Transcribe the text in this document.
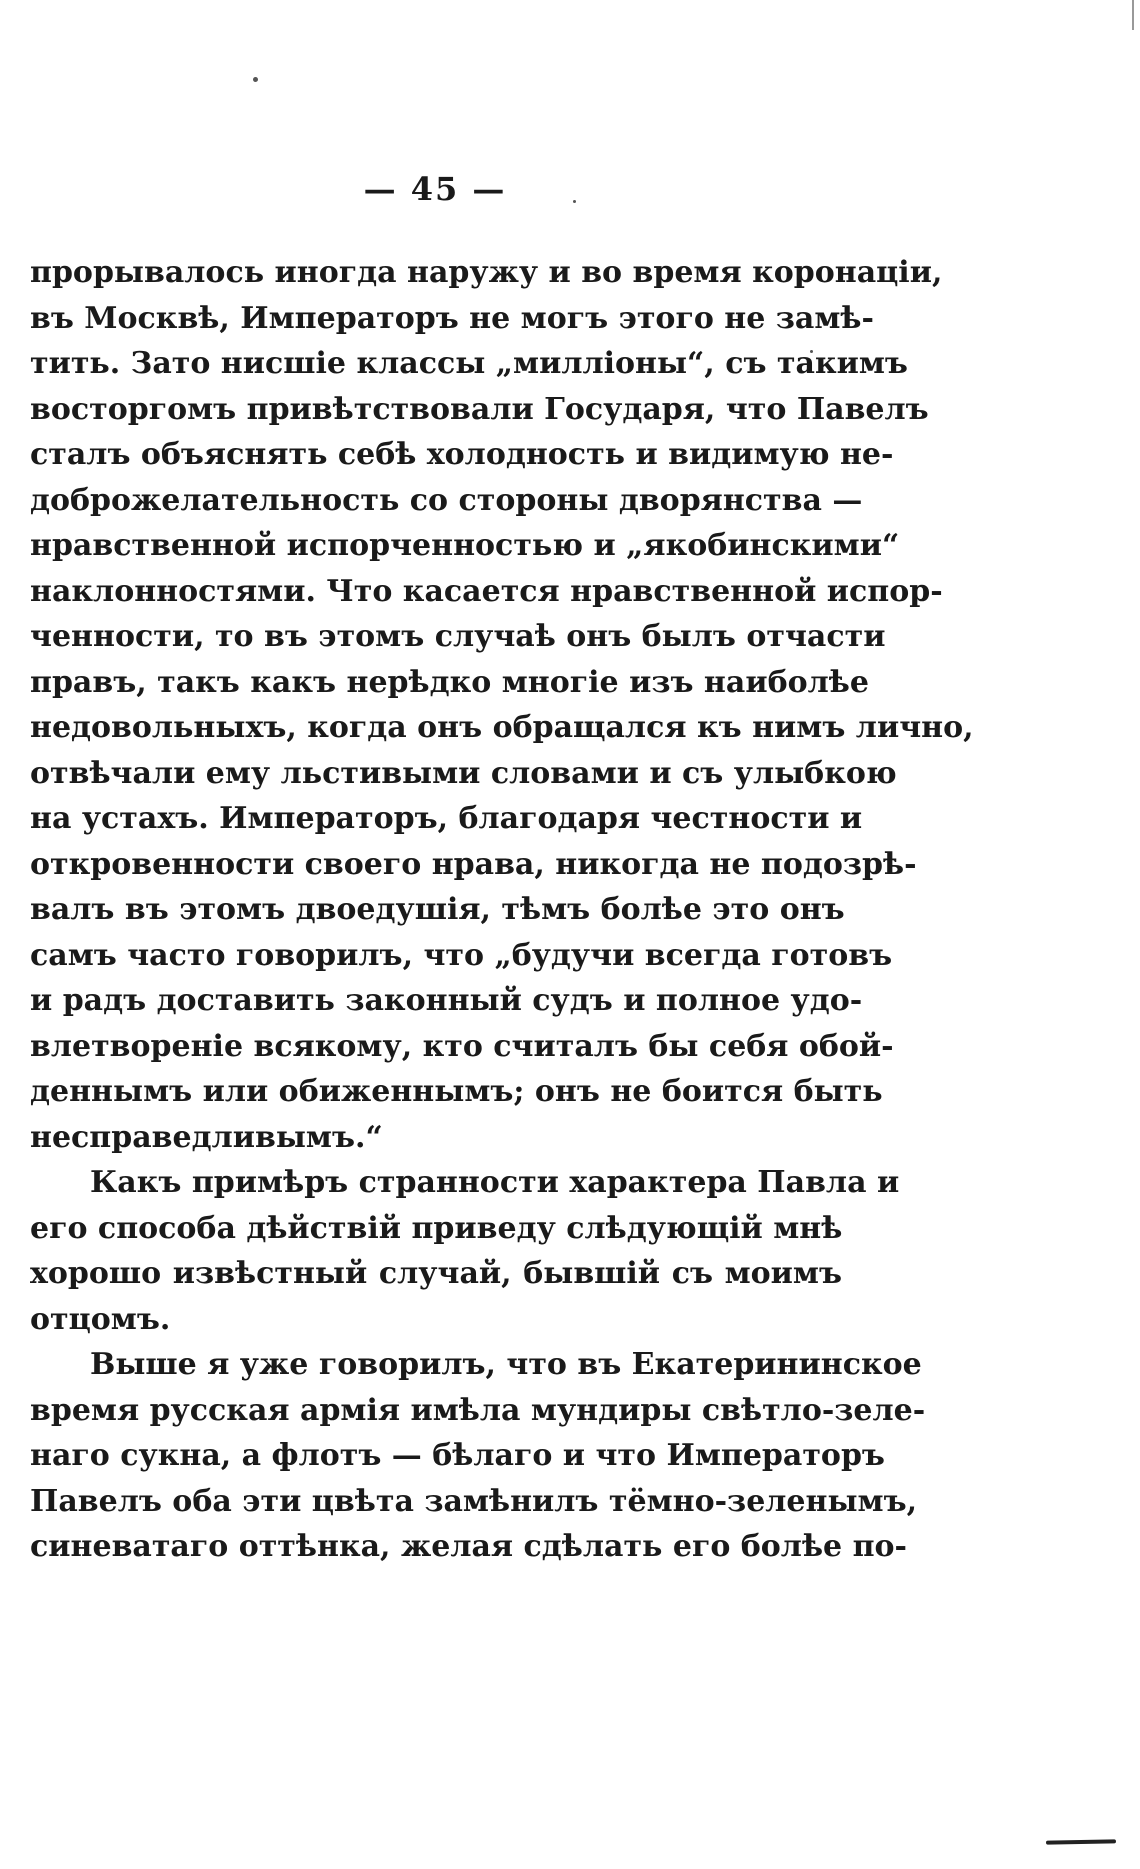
— 45 —
прорывалось иногда наружу и во время коронаціи,
въ Москвѣ, Императоръ не могъ этого не замѣ-
тить. Зато нисшіе классы „милліоны“, съ такимъ
восторгомъ привѣтствовали Государя, что Павелъ
сталъ объяснять себѣ холодность и видимую не-
доброжелательность со стороны дворянства —
нравственной испорченностью и „якобинскими“
наклонностями. Что касается нравственной испор-
ченности, то въ этомъ случаѣ онъ былъ отчасти
правъ, такъ какъ нерѣдко многіе изъ наиболѣе
недовольныхъ, когда онъ обращался къ нимъ лично,
отвѣчали ему льстивыми словами и съ улыбкою
на устахъ. Императоръ, благодаря честности и
откровенности своего нрава, никогда не подозрѣ-
валъ въ этомъ двоедушія, тѣмъ болѣе это онъ
самъ часто говорилъ, что „будучи всегда готовъ
и радъ доставить законный судъ и полное удо-
влетвореніе всякому, кто считалъ бы себя обой-
деннымъ или обиженнымъ; онъ не боится быть
несправедливымъ.“
Какъ примѣръ странности характера Павла и
его способа дѣйствій приведу слѣдующій мнѣ
хорошо извѣстный случай, бывшій съ моимъ
отцомъ.
Выше я уже говорилъ, что въ Екатерининское
время русская армія имѣла мундиры свѣтло-зеле-
наго сукна, а флотъ — бѣлаго и что Императоръ
Павелъ оба эти цвѣта замѣнилъ тёмно-зеленымъ,
синеватаго оттѣнка, желая сдѣлать его болѣе по-
